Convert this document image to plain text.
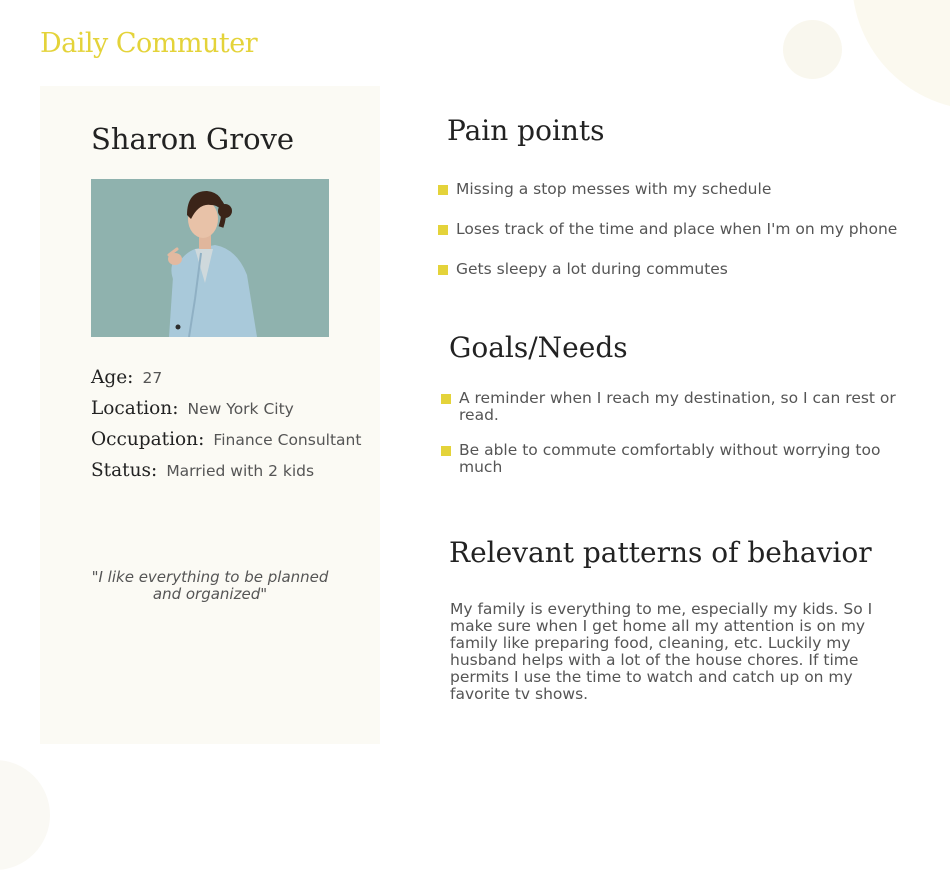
Daily Commuter
Sharon Grove
Age: 27
Location: New York City
Occupation: Finance Consultant
Status: Married with 2 kids

"I like everything to be planned and organized"

Pain points
Missing a stop messes with my schedule
Loses track of the time and place when I'm on my phone
Gets sleepy a lot during commutes
Goals/Needs
A reminder when I reach my destination, so I can rest or read.
Be able to commute comfortably without worrying too much
Relevant patterns of behavior

My family is everything to me, especially my kids. So I make sure when I get home all my attention is on my family like preparing food, cleaning, etc. Luckily my husband helps with a lot of the house chores. If time permits I use the time to watch and catch up on my favorite tv shows.
